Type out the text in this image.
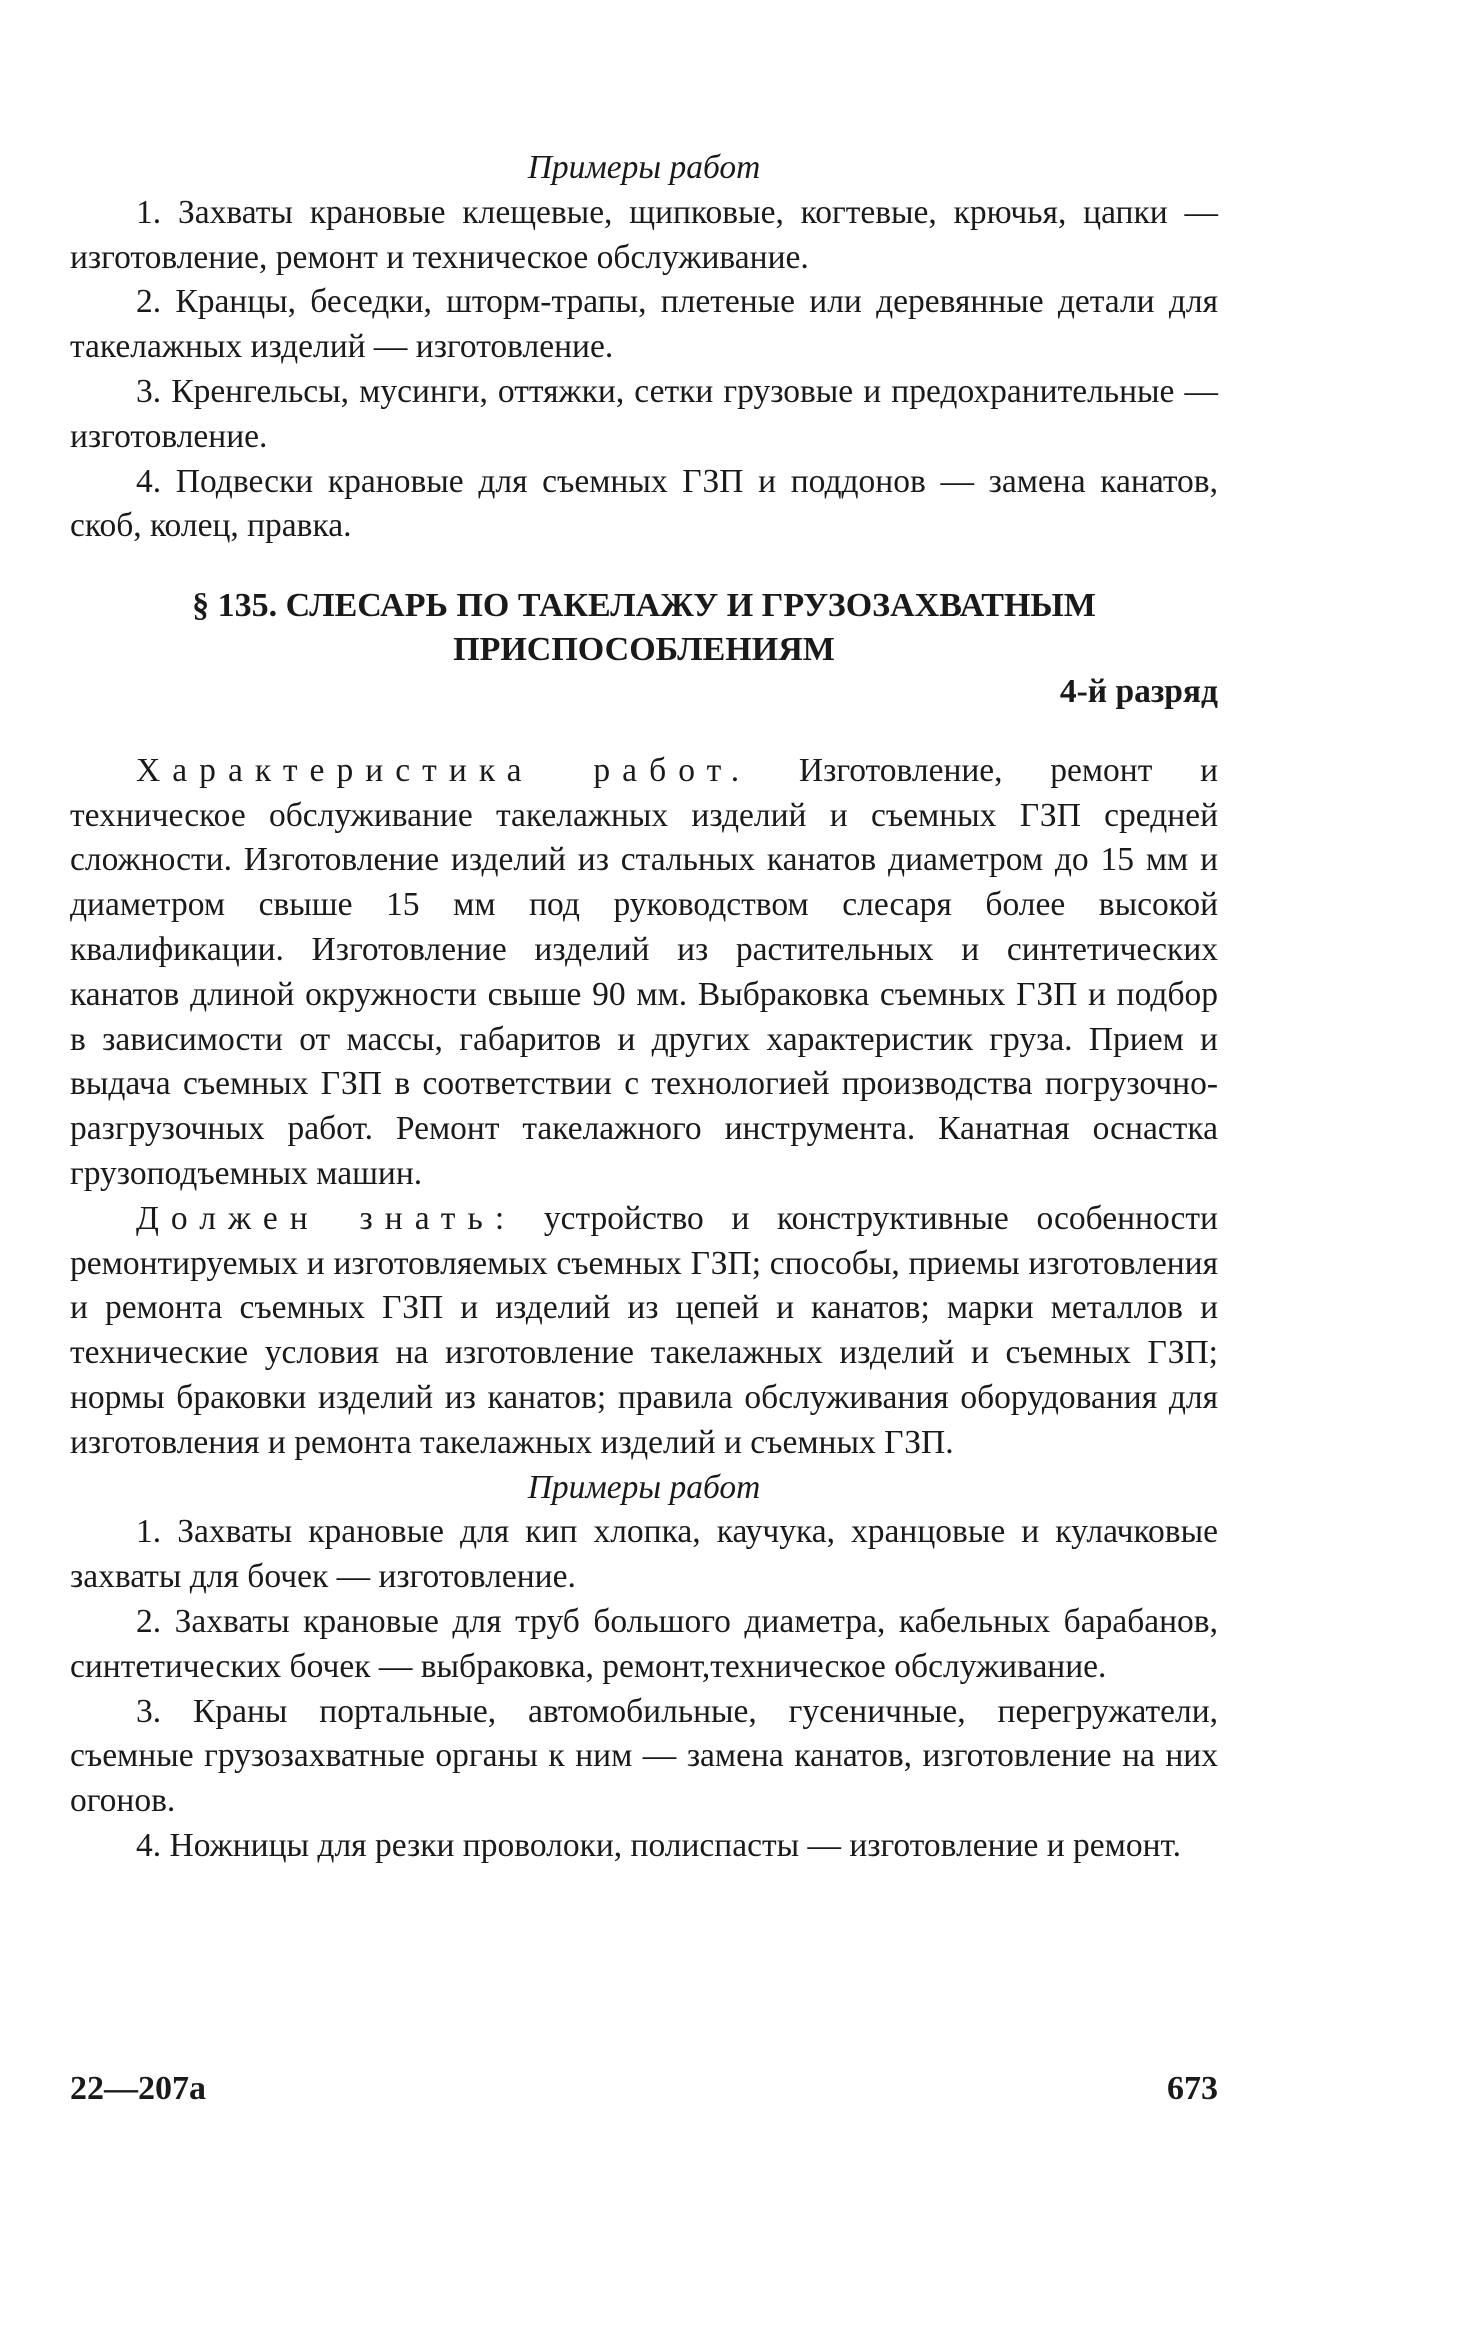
Примеры работ

1. Захваты крановые клещевые, щипковые, когтевые, крючья, цапки — изготовление, ремонт и техническое обслуживание.

2. Кранцы, беседки, шторм-трапы, плетеные или деревянные детали для такелажных изделий — изготовление.

3. Кренгельсы, мусинги, оттяжки, сетки грузовые и предохранительные — изготовление.

4. Подвески крановые для съемных ГЗП и поддонов — замена канатов, скоб, колец, правка.

§ 135. СЛЕСАРЬ ПО ТАКЕЛАЖУ И ГРУЗОЗАХВАТНЫМ
ПРИСПОСОБЛЕНИЯМ

4-й разряд

Характеристика работ. Изготовление, ремонт и техническое обслуживание такелажных изделий и съемных ГЗП средней сложности. Изготовление изделий из стальных канатов диаметром до 15 мм и диаметром свыше 15 мм под руководством слесаря более высокой квалификации. Изготовление изделий из растительных и синтетических канатов длиной окружности свыше 90 мм. Выбраковка съемных ГЗП и подбор в зависимости от массы, габаритов и других характеристик груза. Прием и выдача съемных ГЗП в соответствии с технологией производства погрузочно-разгрузочных работ. Ремонт такелажного инструмента. Канатная оснастка грузоподъемных машин.

Должен знать: устройство и конструктивные особенности ремонтируемых и изготовляемых съемных ГЗП; способы, приемы изготовления и ремонта съемных ГЗП и изделий из цепей и канатов; марки металлов и технические условия на изготовление такелажных изделий и съемных ГЗП; нормы браковки изделий из канатов; правила обслуживания оборудования для изготовления и ремонта такелажных изделий и съемных ГЗП.

Примеры работ

1. Захваты крановые для кип хлопка, каучука, хранцовые и кулачковые захваты для бочек — изготовление.

2. Захваты крановые для труб большого диаметра, кабельных барабанов, синтетических бочек — выбраковка, ремонт,техническое обслуживание.

3. Краны портальные, автомобильные, гусеничные, перегружатели, съемные грузозахватные органы к ним — замена канатов, изготовление на них огонов.

4. Ножницы для резки проволоки, полиспасты — изготовление и ремонт.

22—207а	673
